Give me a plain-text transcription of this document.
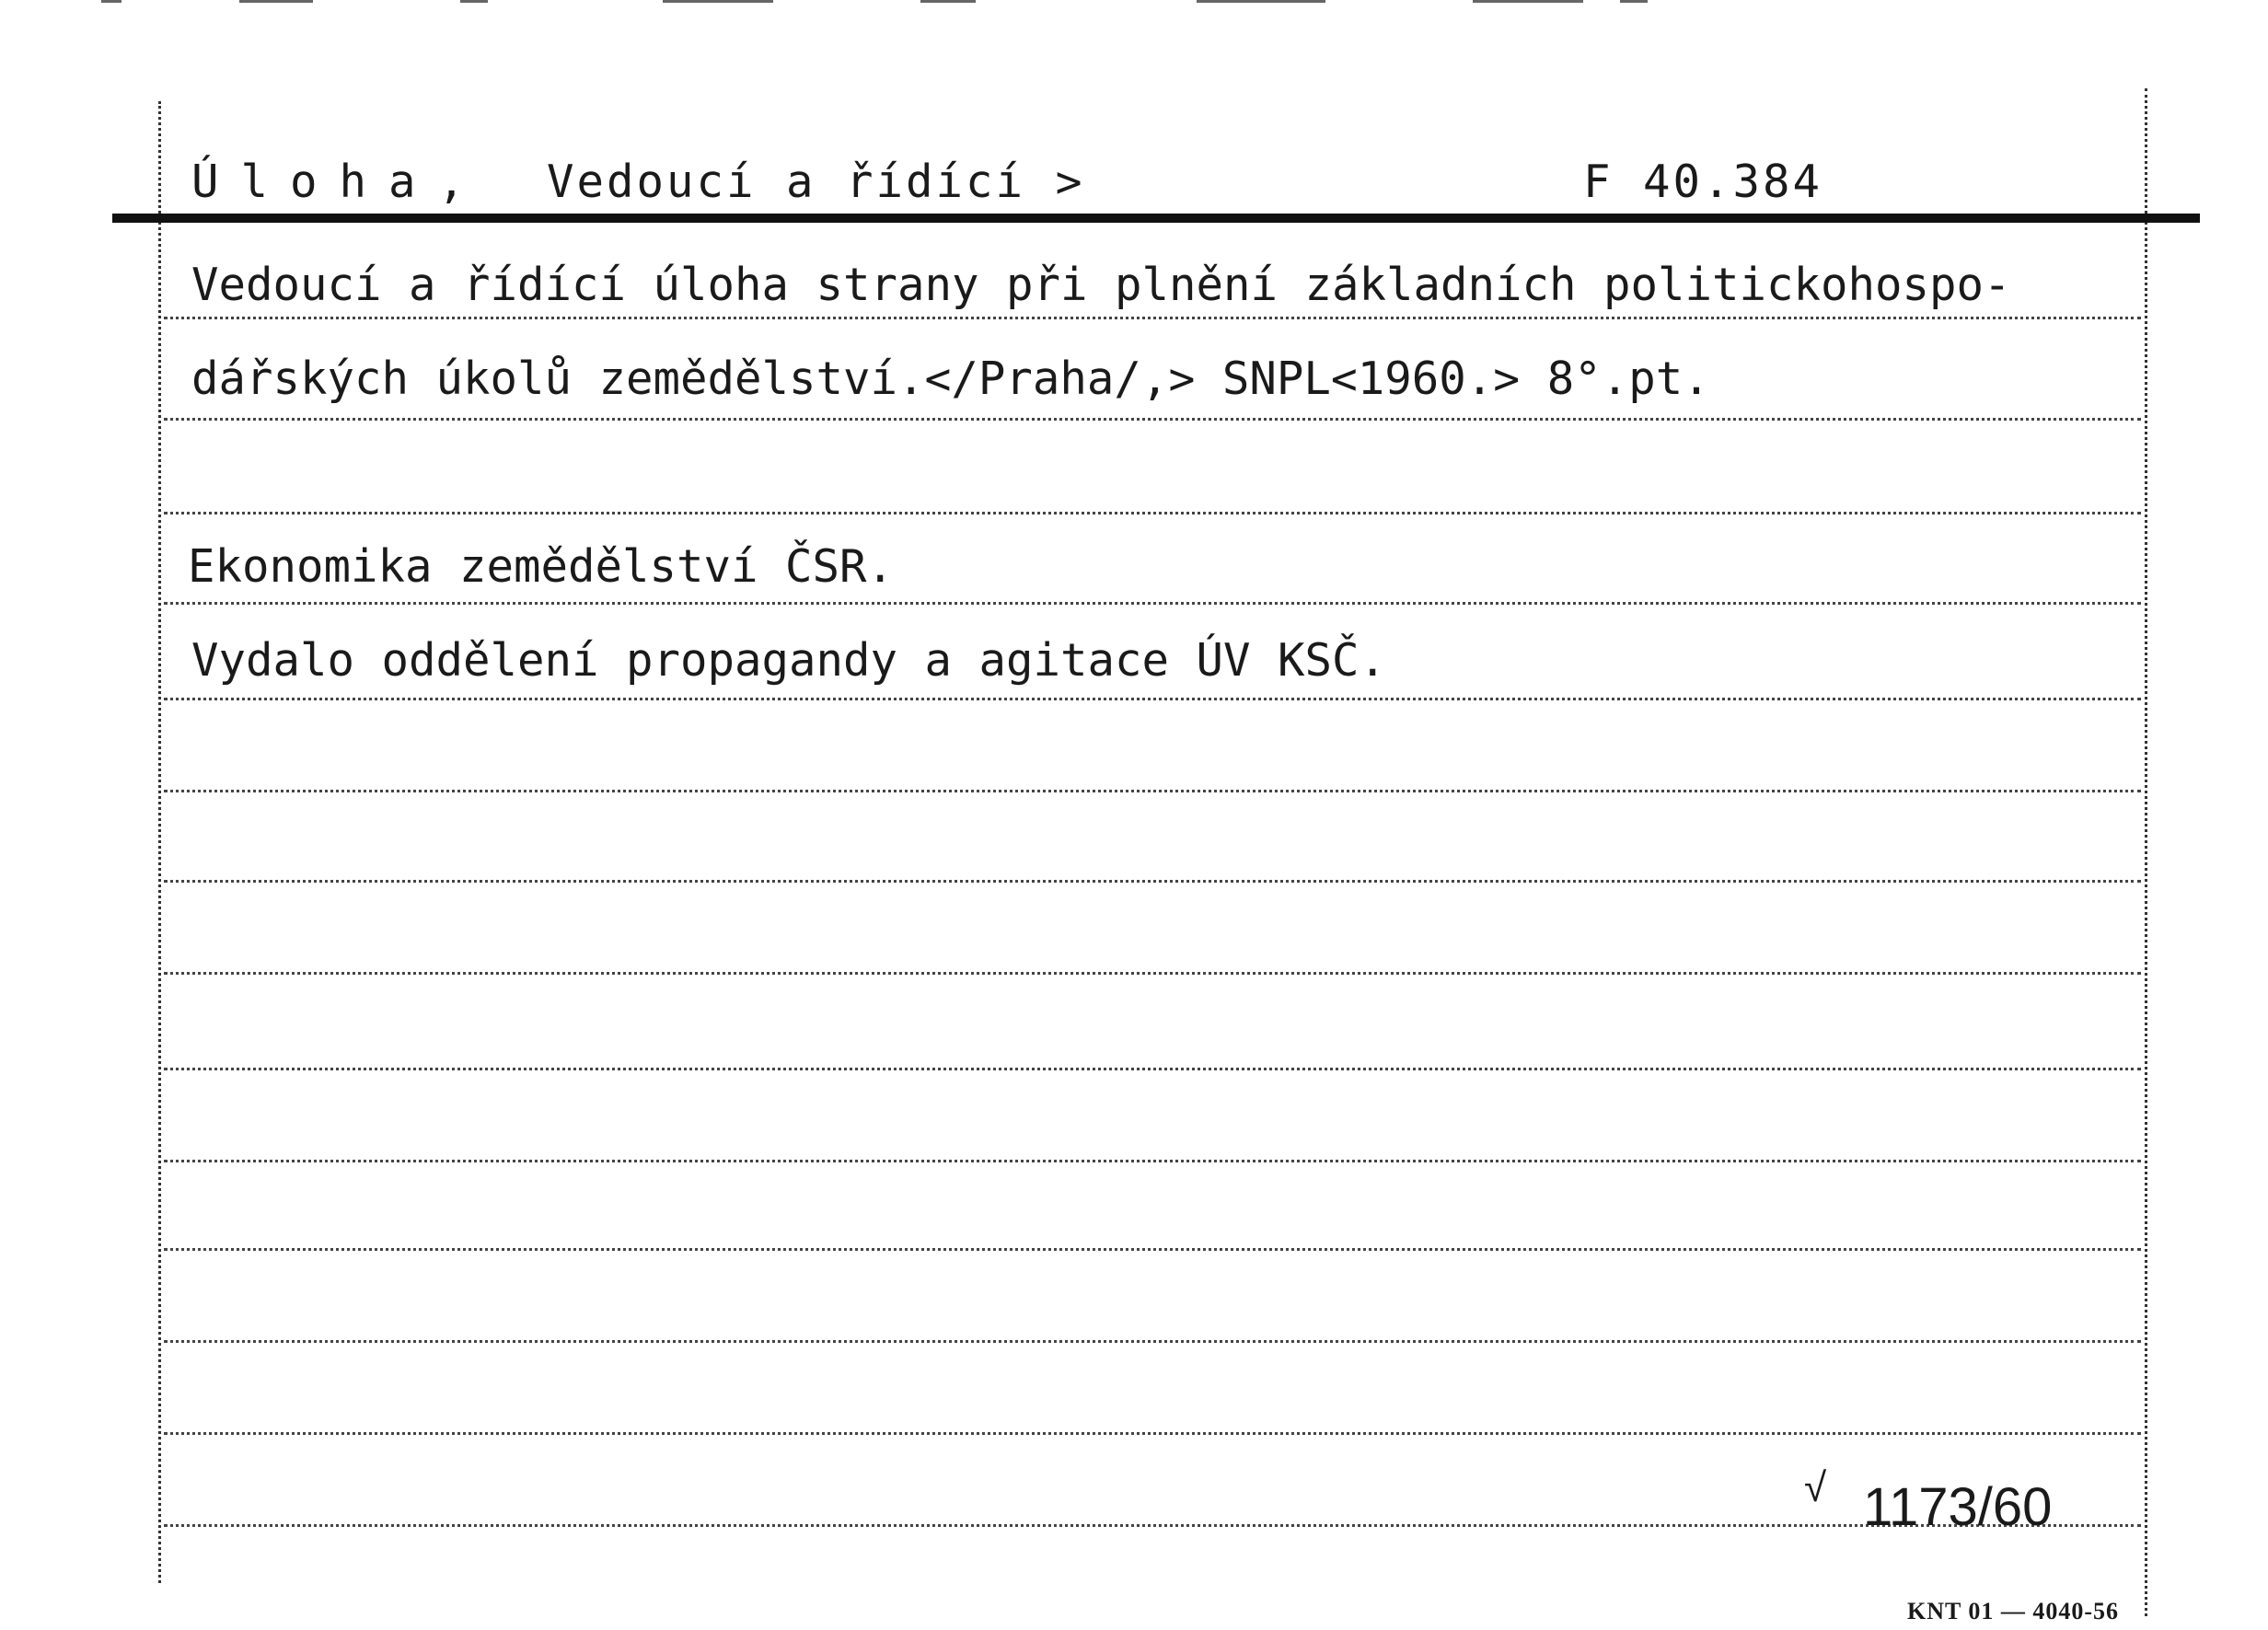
Úloha, Vedoucí a řídící >	F 40.384
Vedoucí a řídící úloha strany při plnění základních politickohospo-
dářských úkolů zemědělství.</Praha/,> SNPL<1960.> 8°.pt.
Ekonomika zemědělství ČSR.
Vydalo oddělení propagandy a agitace ÚV KSČ.
√ 1173/60
KNT 01 — 4040-56
